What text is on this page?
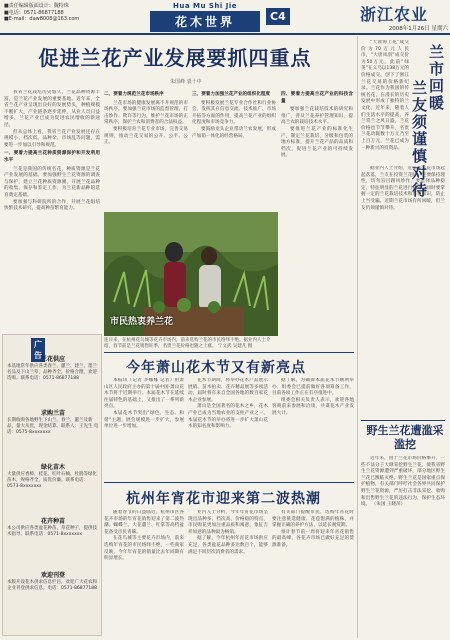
■责任编辑版面设计：魏特珠
■电话：0571-86877188
■E-mail：daw8008@163.com
Hua Mu Shi Jie
花木世界	C4	浙江农业
2008年1月26日 星期六
促进兰花产业发展要抓四重点
朱国峰 裘十中

我省兰花栽培历史悠久，兰花品种资源丰富，是兰花产业发展的重要基地。近年来，全省兰花产业呈现出良好的发展势头，种植规模不断扩大，产业链条逐步延伸，从业人员日益增多，兰花产业已成为促进农民增收的新途径。

但从总体上看，我省兰花产业发展还存在规模小、档次低、品种杂、市场乱等问题，需要进一步加以引导和规范。

一、要着力提高兰花种质资源保护和开发利用水平

兰花是我国的传统名花，种质资源是兰花产业发展的基础。要加强野生兰花资源的调查与保护，建立兰花种质资源圃，开展兰花品种的收集、保存和鉴定工作，为兰花新品种的选育奠定基础。

要加强与科研院所的合作，开展兰花组培快繁技术研究，提高种苗繁育能力。

二、要着力规范兰花市场秩序

兰花市场的健康发展离不开规范的市场秩序。要加强兰花市场的监督管理，打击炒作、欺诈等行为，维护兰花市场的正常秩序，保护兰农和消费者的合法权益。

要积极培育兰花专业市场，完善交易规则，推动兰花交易的公开、公平、公正。

三、要着力加强兰花产业的组织化程度

要积极发展兰花专业合作社和行业协会，发挥其在信息交流、技术推广、市场开拓等方面的作用，提高兰花产业的组织化程度和市场竞争力。

要鼓励龙头企业带动兰农发展，形成产加销一体化的经营格局。

四、要着力提高兰花产业的科技含量

要加强兰花栽培技术的研究和推广，普及兰花养护管理知识，提高兰农的栽培技术水平。

要推进兰花产业的标准化生产，制定兰花栽培、分级和包装的地方标准，提升兰花产品的品质和档次，促进兰花产业的可持续发展。

市民热衷养兰花
连日来，在杭州花鸟城等花卉市场内，前来选购兰花的市民络绎不绝。据业内人士介绍，春节前是兰花销售旺季，名贵兰花价格也随之上涨。 宁文武 吴建凡 摄
广告
兰花供应
本基地常年供应各类春兰、蕙兰、建兰、墨兰名品及下山兰草，品种齐全，价格合理，欢迎选购。联系电话：0571-86877188
求购兰苗
长期收购各地野生下山兰、春兰、蕙兰及新品，量大从优，现金结算。联系人：王先生 电话：0575-8xxxxxxx
绿化苗木
大量供应香樟、桂花、红叶石楠、杜鹃等绿化苗木，规格齐全，质优价廉。联系电话：0573-8xxxxxxx
花卉种苗
本公司供应各类盆花种苗、草花种子，提供技术指导。联系电话：0571-8xxxxxxx
欢迎刊登
本版开设花木供求信息栏目，欢迎广大花农和企业刊登供求信息。电话：0571-86877188
今年萧山花木节又有新亮点

本报讯（记者 李娜娜 记者）由萧山区人民政府主办的第十届中国·萧山花木节将于近期举行。本届花木节在延续往届特色的基础上，又推出了一系列新亮点。

本届花木节突出“绿色、生态、和谐”主题，展会规模进一步扩大，参展单位进一步增加。

花木节期间，将举办花木产品展示展销、苗木拍卖、花卉精品展等多项活动，届时将有来自全国各地的数百家花木企业参展。

萧山是全国著名的花木之乡，花木产业已成为当地农业的支柱产业之一，本届花木节的举办将进一步扩大萧山花木的知名度和影响力。

据了解，为确保本届花木节顺利举办，组委会已提前做好各项筹备工作，目前各项工作正在有序推进中。

组委会相关负责人表示，欢迎各地客商前来参展和洽谈，共谋花木产业发展大计。

杭州年宵花市迎来第二波热潮

随着春节的日益临近，杭州市区各花卉市场的年宵花销售迎来了第二波热潮。蝴蝶兰、大花蕙兰、红掌等高档盆花备受市民青睐。

在花鸟城等主要花卉市场内，前来选购年宵花的市民络绎不绝，一些商家反映，今年年宵花的销量比去年同期有明显增长。

业内人士分析，今年年宵花市场呈现出品种多、档次高、价格稳的特点，市民购花更加注重品质和寓意，象征吉祥如意的品种最为畅销。

据了解，今年杭州年宵花市场供应充足，各类盆花品种多达数百个，能够满足不同层次消费者的需求。

有关部门提醒市民，选购年宵花时要注意挑选健康、花苞饱满的植株，并掌握正确的养护方法，以延长观赏期。

预计春节前一周将迎来年宵花销售的最高峰，各花卉市场已做好充足的货源准备。

“天涯海上花”成交价为70万元人民币，“大唐凤羽”成交价为50万元，此前“绿英”在义乌以138万元的价格成交，创下了浙江兰花交易的价格新纪录。兰花作为我国的传统名花，在漫长的历史发展中形成了独特的兰文化，近年来，随着人们生活水平的提高，养兰赏兰之风日盛，兰花价格也节节攀升，名贵兰花动辄数十万元乃至上百万元，兰花已成为一种新兴的投资品。

兰市回暖
兰友须谨慎对待

据业内人士介绍，近年来兰花市场起起落落，兰友在投资兰花时一定要保持理性，切勿盲目跟风炒作。要选择品种稳定、特征明显的兰花进行投资，同时要掌握一定的兰花栽培技术和鉴赏知识，防止上当受骗。近期兰花市场有所回暖，但兰友仍须谨慎对待。

野生兰花遭滥采滥挖

近年来，由于兰花市场价格攀升，一些不法分子大肆采挖野生兰花，使我省野生兰花资源遭到严重破坏，部分地区野生兰花已濒临灭绝。野生兰花是国家重点保护植物，有关部门呼吁社会各界共同保护野生兰花资源，严厉打击非法采挖、收购和出售野生兰花的违法行为，保护生态环境。 （朱国 王晓萍）
